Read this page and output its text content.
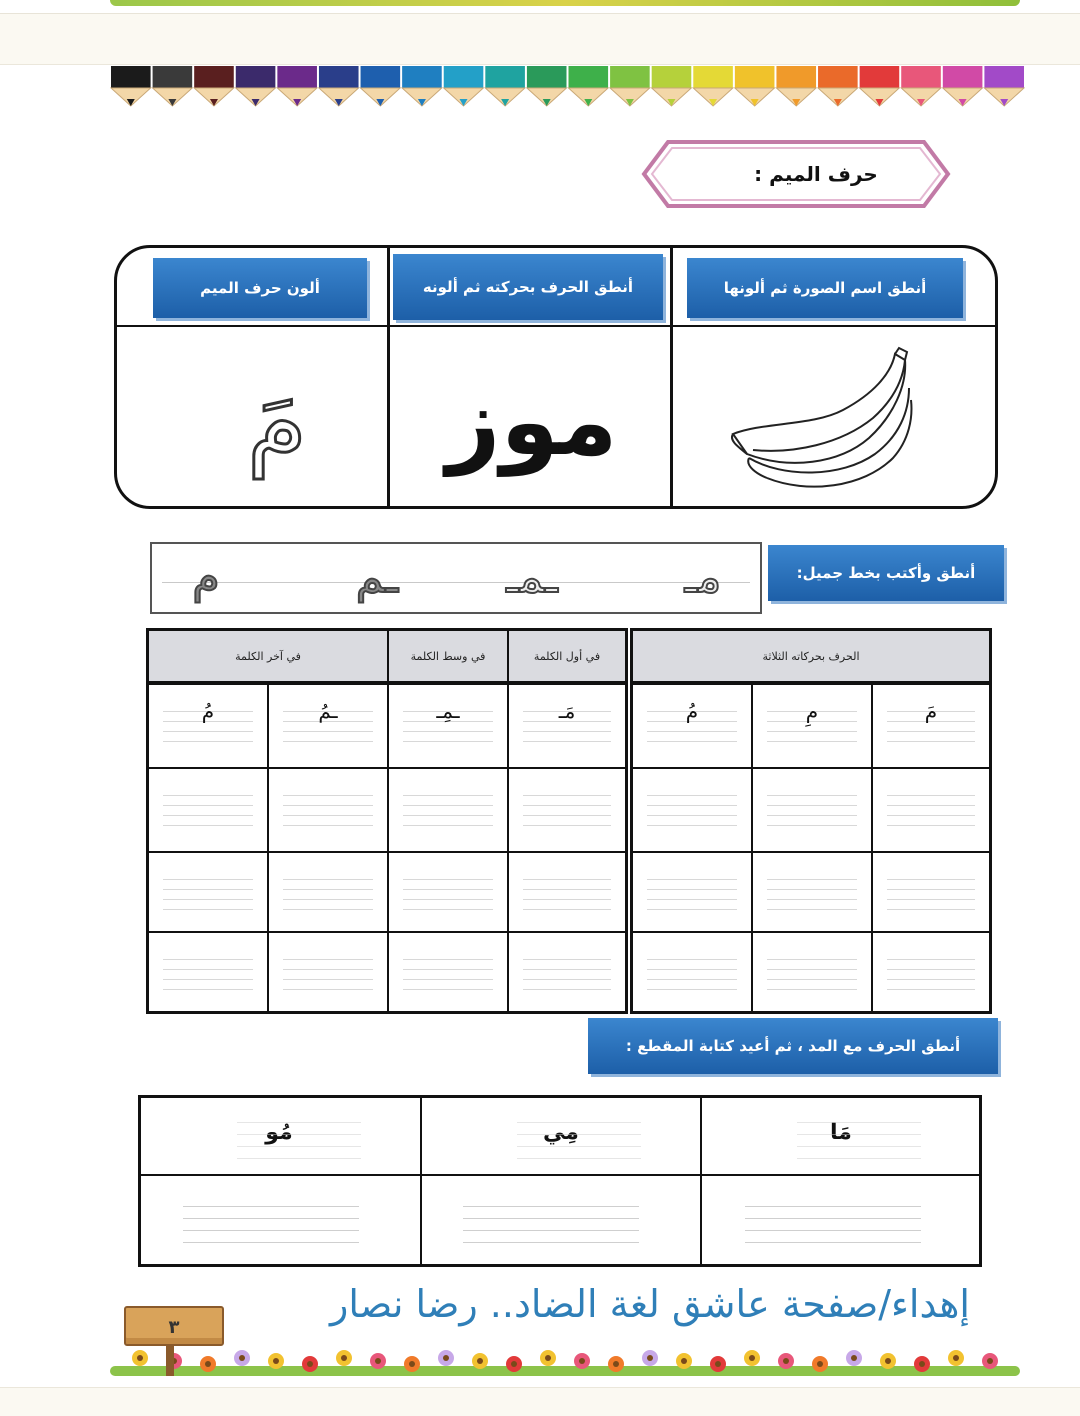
حرف الميم :
أنطق اسم الصورة ثم ألونها
أنطق الحرف بحركته ثم ألونه
ألون حرف الميم
موز
مَ
مـ
ـمـ
ـم
م	أنطق وأكتب بخط جميل:
الحرف بحركاته الثلاثة
مَ
مِ
مُ
في أول الكلمة
في وسط الكلمة
في آخر الكلمة
مَـ
ـمِـ
ـمُ
مُ
أنطق الحرف مع المد ، ثم أعيد كتابة المقطع :
إهداء/صفحة عاشق لغة الضاد.. رضا نصار
٣
